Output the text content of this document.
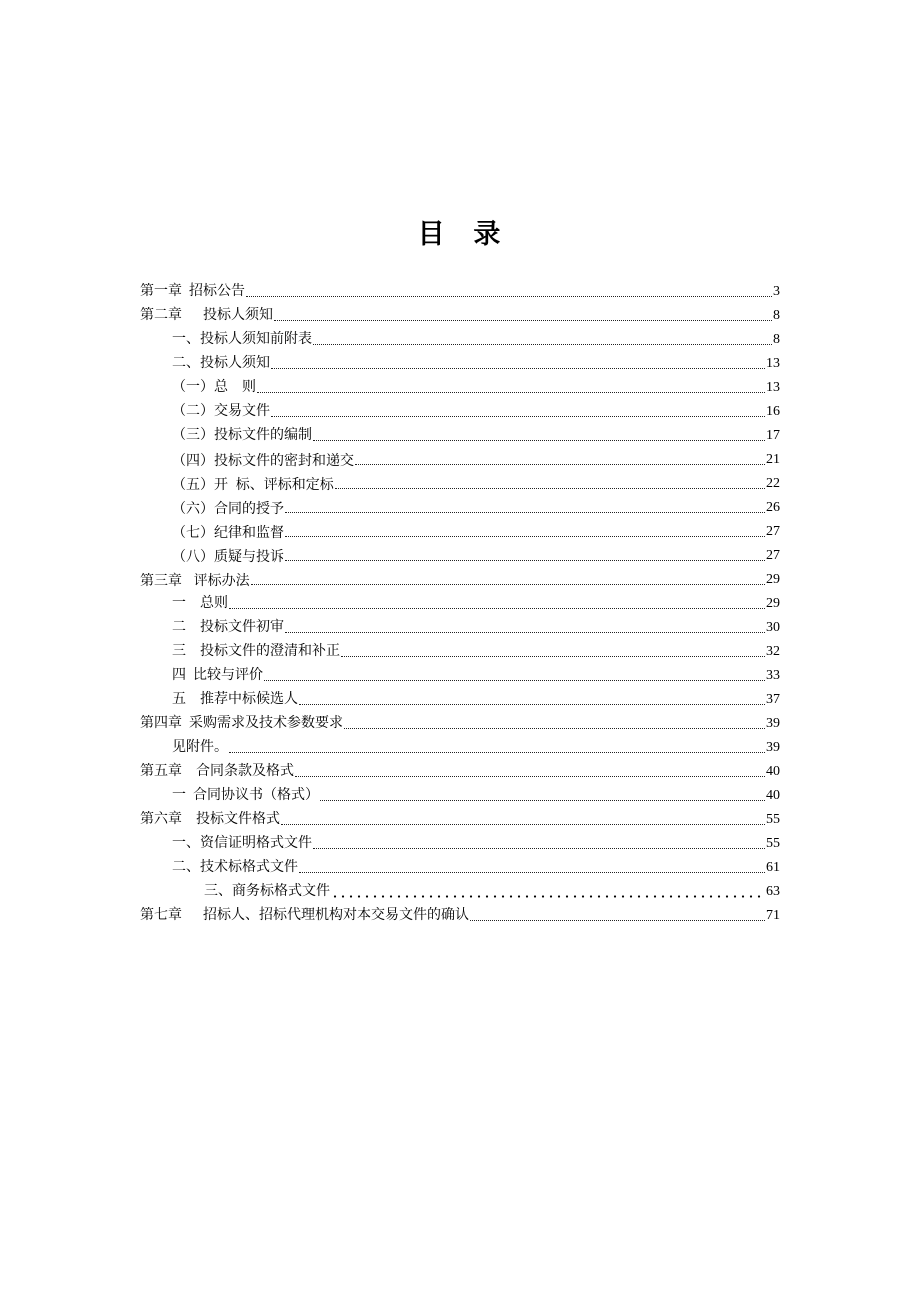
目 录
第一章  招标公告	3
第二章      投标人须知	8
一、投标人须知前附表	8
二、投标人须知	13
（一）总    则	13
（二）交易文件	16
（三）投标文件的编制	17
（四）投标文件的密封和递交	21
（五）开  标、评标和定标	22
（六）合同的授予	26
（七）纪律和监督	27
（八）质疑与投诉	27
第三章   评标办法	29
一    总则	29
二    投标文件初审	30
三    投标文件的澄清和补正	32
四  比较与评价	33
五    推荐中标候选人	37
第四章  采购需求及技术参数要求	39
见附件。	39
第五章    合同条款及格式	40
一  合同协议书（格式）	40
第六章    投标文件格式	55
一、资信证明格式文件	55
二、技术标格式文件	61
三、商务标格式文件	63
第七章      招标人、招标代理机构对本交易文件的确认	71
